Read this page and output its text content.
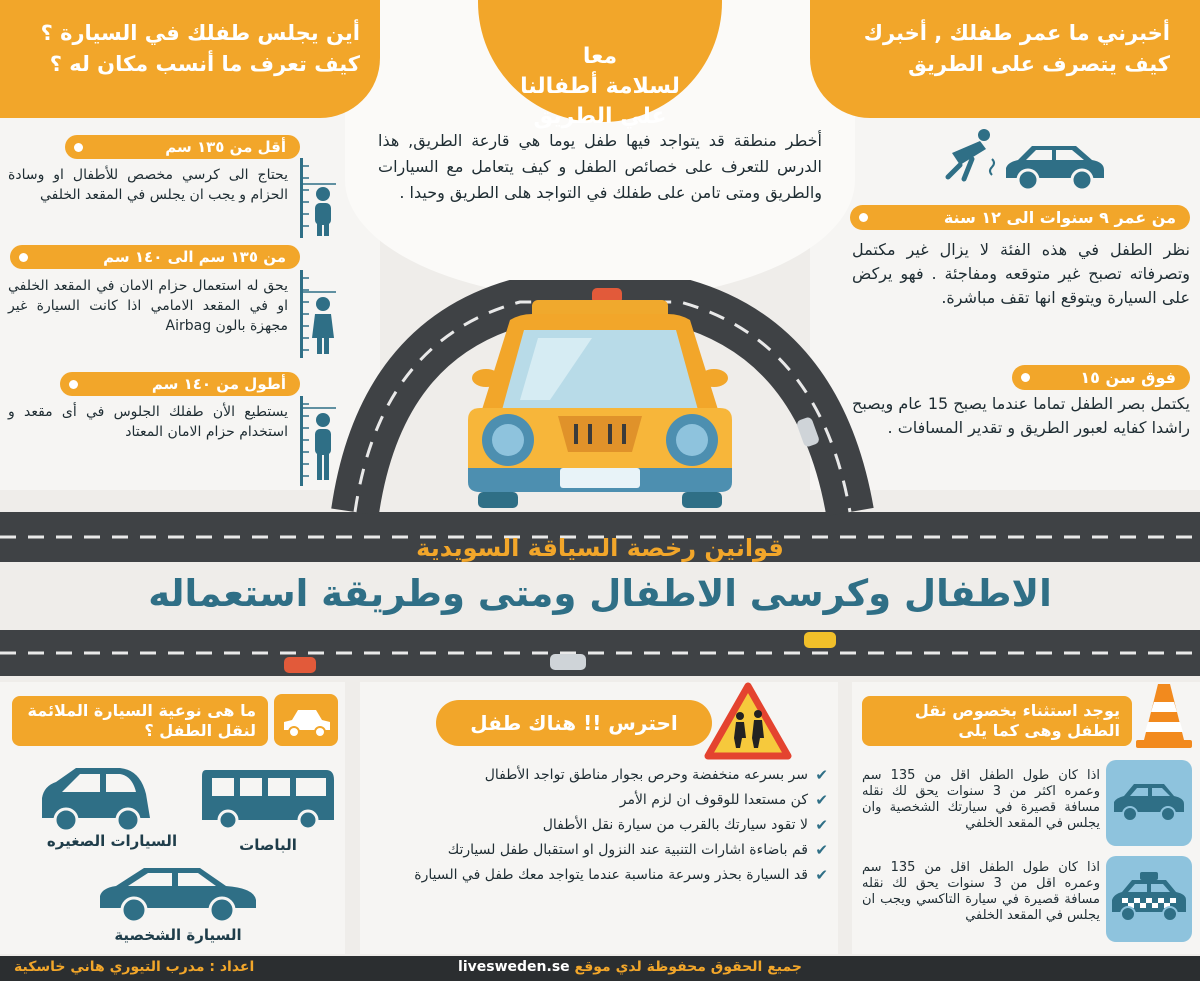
أين يجلس طفلك في السيارة ؟ كيف تعرف ما أنسب مكان له ؟
أخبرني ما عمر طفلك , أخبرك كيف يتصرف على الطريق

معا
لسلامة أطفالنا
علي الطريق

أخطر منطقة قد يتواجد فيها طفل يوما هي قارعة الطريق, هذا الدرس للتعرف على خصائص الطفل و كيف يتعامل مع السيارات والطريق ومتى تامن على طفلك في التواجد هلى الطريق وحيدا .
أقل من ١٣٥ سم
يحتاج الى كرسي مخصص للأطفال او وسادة الحزام و يجب ان يجلس في المقعد الخلفي
من ١٣٥ سم الى ١٤٠ سم
يحق له استعمال حزام الامان في المقعد الخلفي او في المقعد الامامي اذا كانت السيارة غير مجهزة بالون Airbag
أطول من ١٤٠ سم
يستطيع الأن طفلك الجلوس في أى مقعد و استخدام حزام الامان المعتاد
من عمر ٩ سنوات الى ١٢ سنة
نظر الطفل في هذه الفئة لا يزال غير مكتمل وتصرفاته تصبح غير متوقعه ومفاجئة . فهو يركض على السيارة ويتوقع انها تقف مباشرة.
فوق سن ١٥
يكتمل بصر الطفل تماما عندما يصبح 15 عام ويصبح راشدا كفايه لعبور الطريق و تقدير المسافات .
قوانين رخصة السياقة السويدية
الاطفال وكرسى الاطفال ومتى وطريقة استعماله
ما هى نوعية السيارة الملائمة لنقل الطفل ؟
الباصات
السيارات الصغيره
السيارة الشخصية
احترس !! هناك طفل
✔ سر بسرعه منخفضة وحرص بجوار مناطق تواجد الأطفال
✔ كن مستعدا للوقوف ان لزم الأمر
✔ لا تقود سيارتك بالقرب من سيارة نقل الأطفال
✔ قم باضاءة اشارات التنبية عند النزول او استقبال طفل لسيارتك
✔ قد السيارة بحذر وسرعة مناسبة عندما يتواجد معك طفل في السيارة
يوجد استثناء بخصوص نقل الطفل وهى كما يلى
اذا كان طول الطفل اقل من 135 سم وعمره اكثر من 3 سنوات يحق لك نقله مسافة قصيرة في سيارتك الشخصية وان يجلس في المقعد الخلفي
اذا كان طول الطفل اقل من 135 سم وعمره اقل من 3 سنوات يحق لك نقله مسافة قصيرة في سيارة التاكسي ويجب ان يجلس في المقعد الخلفي
اعداد : مدرب التيوري هاني خاسكية	جميع الحقوق محفوظة لدي موقع livesweden.se
